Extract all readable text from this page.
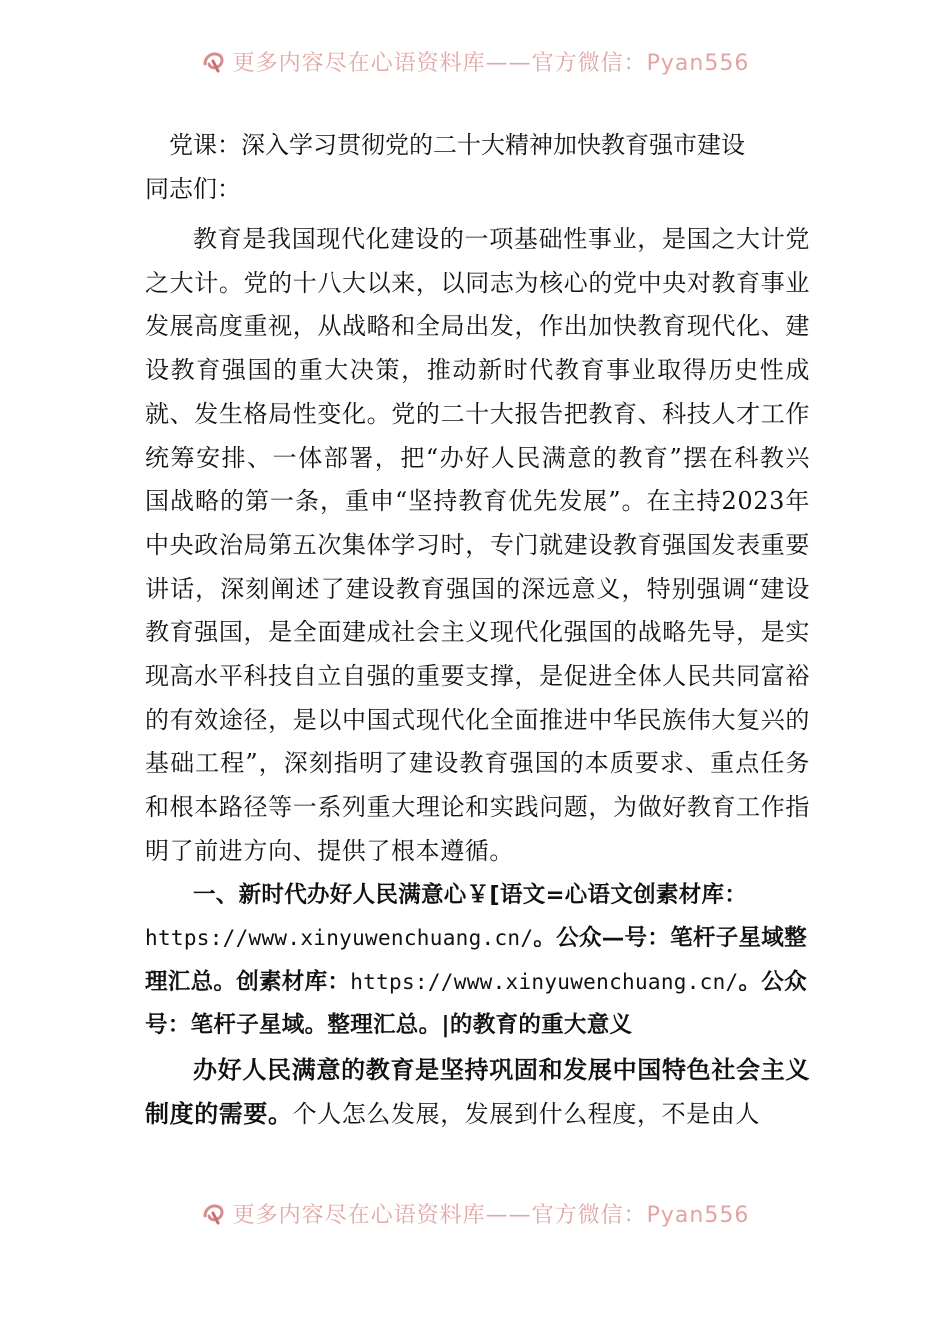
更多内容尽在心语资料库——官方微信：Pyan556
党课：深入学习贯彻党的二十大精神加快教育强市建设

同志们：

教育是我国现代化建设的一项基础性事业，是国之大计党之大计。党的十八大以来，以同志为核心的党中央对教育事业发展高度重视，从战略和全局出发，作出加快教育现代化、建设教育强国的重大决策，推动新时代教育事业取得历史性成就、发生格局性变化。党的二十大报告把教育、科技人才工作统筹安排、一体部署，把“办好人民满意的教育”摆在科教兴国战略的第一条，重申“坚持教育优先发展”。在主持2023年中央政治局第五次集体学习时，专门就建设教育强国发表重要讲话，深刻阐述了建设教育强国的深远意义，特别强调“建设教育强国，是全面建成社会主义现代化强国的战略先导，是实现高水平科技自立自强的重要支撑，是促进全体人民共同富裕的有效途径，是以中国式现代化全面推进中华民族伟大复兴的基础工程”，深刻指明了建设教育强国的本质要求、重点任务和根本路径等一系列重大理论和实践问题，为做好教育工作指明了前进方向、提供了根本遵循。

一、新时代办好人民满意心￥[语文=心语文创素材库：https://www.xinyuwenchuang.cn/。公众—号：笔杆子星域整理汇总。创素材库：https://www.xinyuwenchuang.cn/。公众号：笔杆子星域。整理汇总。|的教育的重大意义

办好人民满意的教育是坚持巩固和发展中国特色社会主义制度的需要。个人怎么发展，发展到什么程度，不是由人

更多内容尽在心语资料库——官方微信：Pyan556
